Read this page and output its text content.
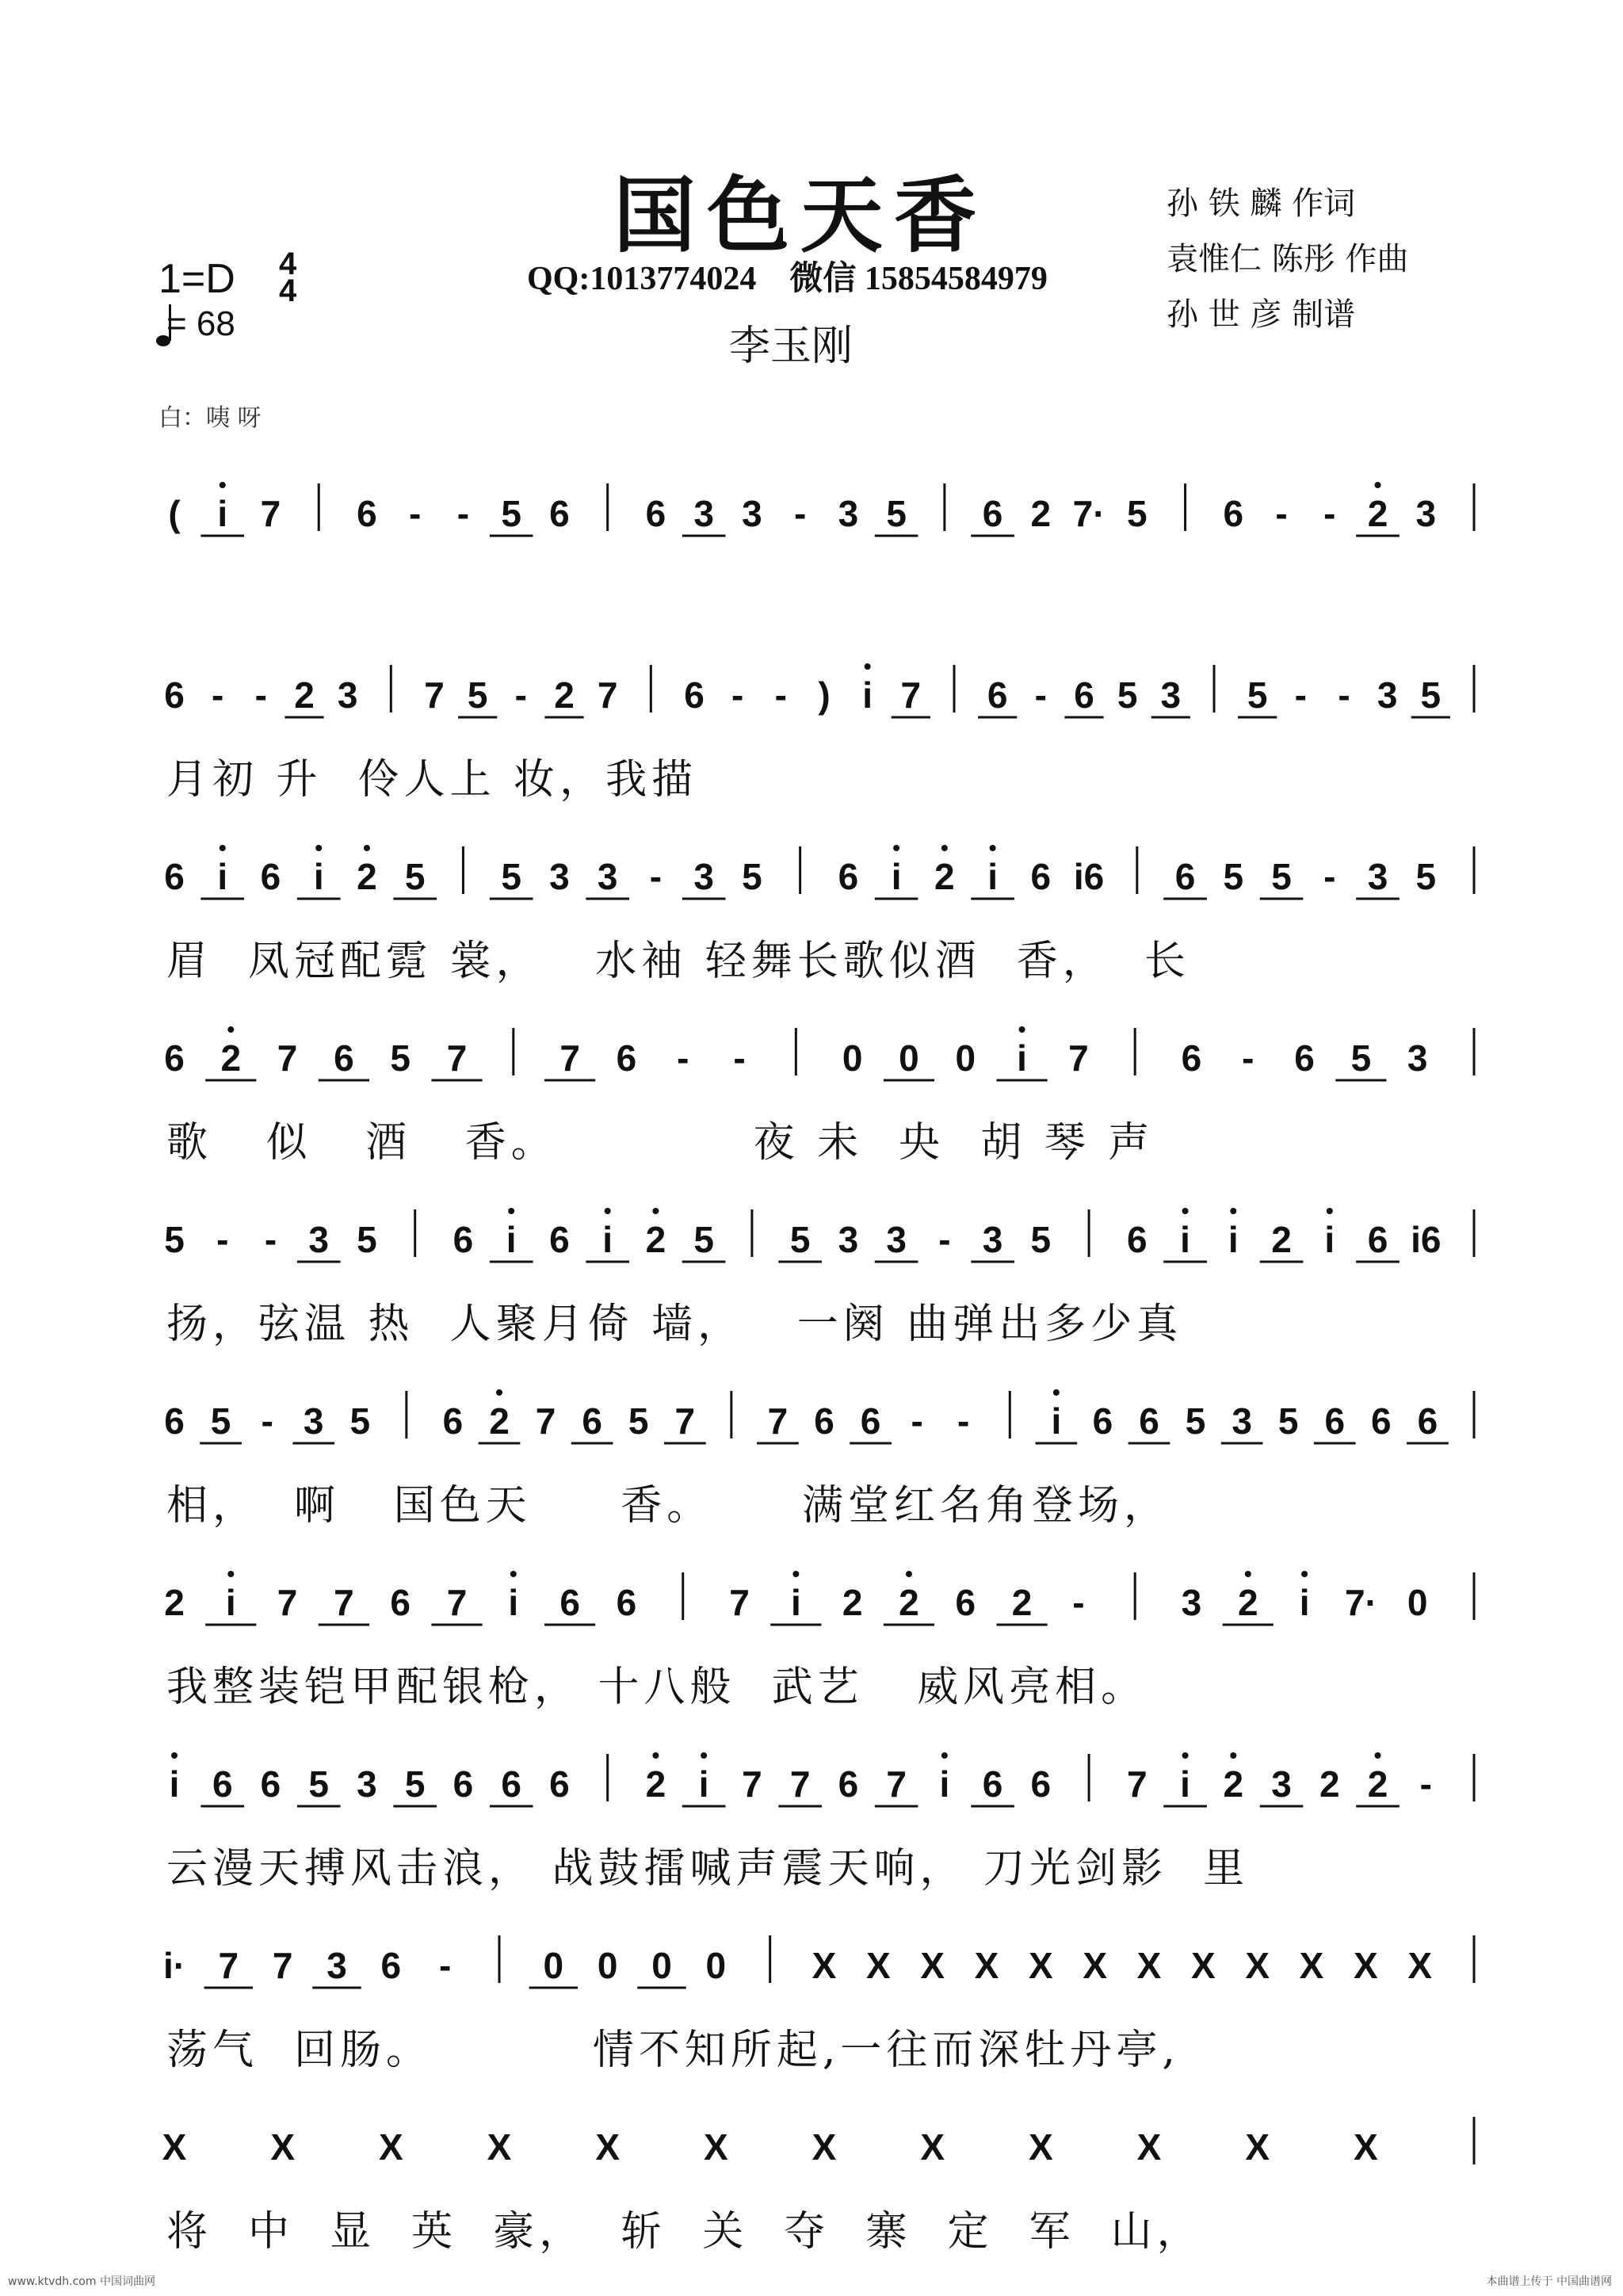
国色天香
QQ:1013774024    微信 15854584979
李玉刚
孙 铁 麟 作词
袁惟仁 陈彤 作曲
孙 世 彦 制谱
1=D 4
4
= 68
白：咦 呀
( i 7 6 - - 5 6 6 3 3 - 3 5 6 2 7· 5 6 - - 2 3
6 - - 2 3 7 5 - 2 7 6 - - ) i 7 6 - 6 5 3 5 - - 3 5
月初 升  伶人上 妆，我描
6 i 6 i 2 5 5 3 3 - 3 5 6 i 2 i 6 i6 6 5 5 - 3 5
眉  凤冠配霓 裳，   水袖 轻舞长歌似酒  香，  长
6 2 7 6 5 7	7 6 - -	0 0 0 i 7	6 - 6 5 3
歌   似   酒   香。           夜 未  央  胡 琴 声
5 - - 3 5 6 i 6 i 2 5 5 3 3 - 3 5 6 i i 2 i 6 i6
扬，弦温 热  人聚月倚 墙，   一阕 曲弹出多少真
6 5 - 3 5 6 2 7 6 5 7 7 6 6 - - i 6 6 5 3 5 6 6 6
相，  啊   国色天     香。     满堂红名角登场，
2 i 7 7 6 7 i 6 6	7 i 2 2 6 2 -	3 2 i 7· 0
我整装铠甲配银枪， 十八般  武艺   威风亮相。
i 6 6 5 3 5 6 6 6 2 i 7 7 6 7 i 6 6 7 i 2 3 2 2 -
云漫天搏风击浪， 战鼓擂喊声震天响， 刀光剑影  里
i· 7 7 3 6 -	0 0 0 0 X X X X X X X X X X X X
荡气  回肠。         情不知所起,一往而深牡丹亭,
X X X X X X X X X X X X
将  中  显  英  豪，  斩  关  夺  寨  定  军  山，
www.ktvdh.com 中国词曲网	本曲谱上传于 中国曲谱网
